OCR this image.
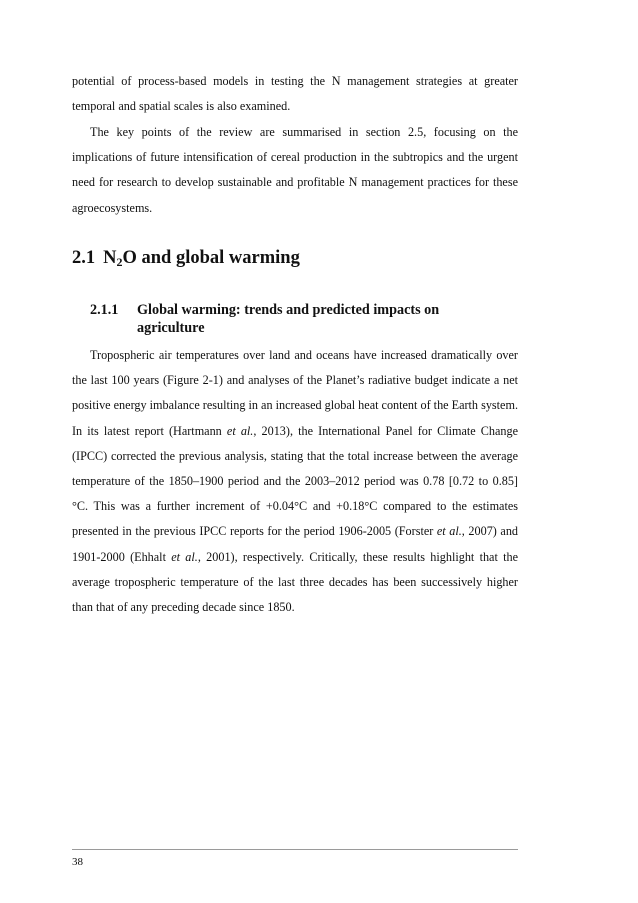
potential of process-based models in testing the N management strategies at greater temporal and spatial scales is also examined.

The key points of the review are summarised in section 2.5, focusing on the implications of future intensification of cereal production in the subtropics and the urgent need for research to develop sustainable and profitable N management practices for these agroecosystems.

2.1 $N_2O$ and global warming
2.1.1 Global warming: trends and predicted impacts on agriculture

Tropospheric air temperatures over land and oceans have increased dramatically over the last 100 years (Figure 2-1) and analyses of the Planet’s radiative budget indicate a net positive energy imbalance resulting in an increased global heat content of the Earth system. In its latest report (Hartmann et al., 2013), the International Panel for Climate Change (IPCC) corrected the previous analysis, stating that the total increase between the average temperature of the 1850–1900 period and the 2003–2012 period was 0.78 [0.72 to 0.85] °C. This was a further increment of +0.04°C and +0.18°C compared to the estimates presented in the previous IPCC reports for the period 1906-2005 (Forster et al., 2007) and 1901-2000 (Ehhalt et al., 2001), respectively. Critically, these results highlight that the average tropospheric temperature of the last three decades has been successively higher than that of any preceding decade since 1850.

38
